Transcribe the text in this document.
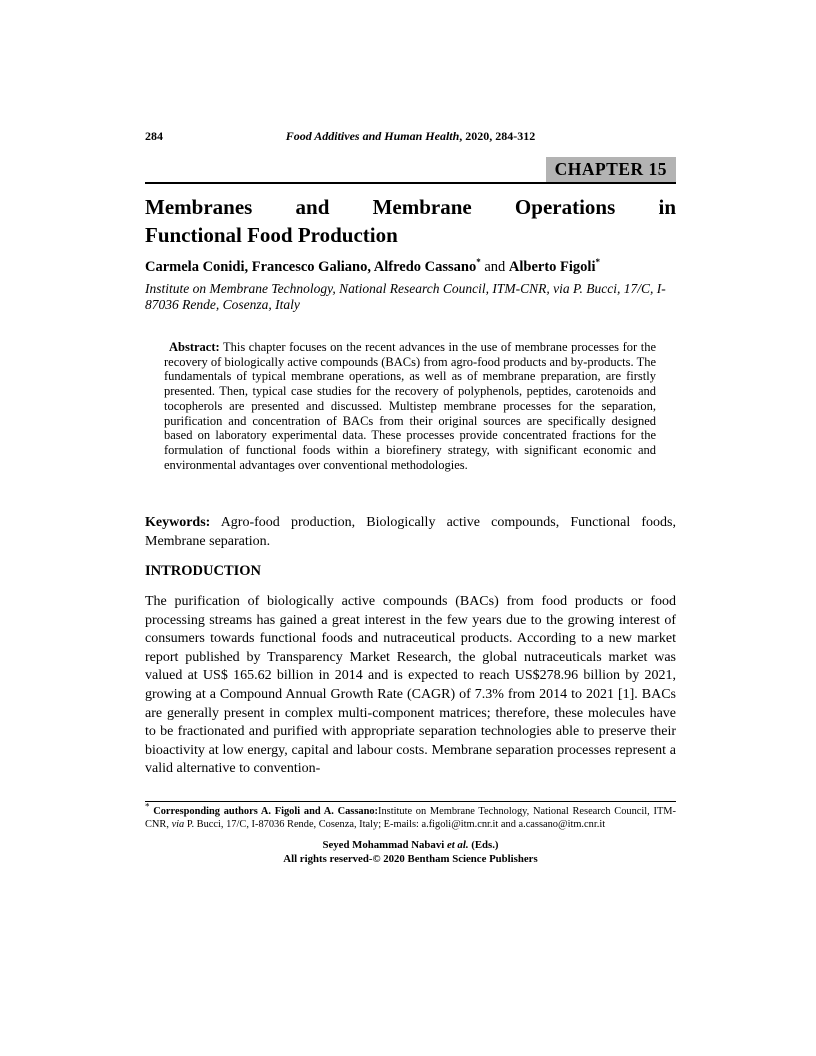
284	Food Additives and Human Health, 2020, 284-312
CHAPTER 15
Membranes and Membrane Operations in
Functional Food Production
Carmela Conidi, Francesco Galiano, Alfredo Cassano* and Alberto Figoli*
Institute on Membrane Technology, National Research Council, ITM-CNR, via P. Bucci, 17/C, I-87036 Rende, Cosenza, Italy
Abstract: This chapter focuses on the recent advances in the use of membrane processes for the recovery of biologically active compounds (BACs) from agro-food products and by-products. The fundamentals of typical membrane operations, as well as of membrane preparation, are firstly presented. Then, typical case studies for the recovery of polyphenols, peptides, carotenoids and tocopherols are presented and discussed. Multistep membrane processes for the separation, purification and concentration of BACs from their original sources are specifically designed based on laboratory experimental data. These processes provide concentrated fractions for the formulation of functional foods within a biorefinery strategy, with significant economic and environmental advantages over conventional methodologies.
Keywords: Agro-food production, Biologically active compounds, Functional foods, Membrane separation.
INTRODUCTION
The purification of biologically active compounds (BACs) from food products or food processing streams has gained a great interest in the few years due to the growing interest of consumers towards functional foods and nutraceutical products. According to a new market report published by Transparency Market Research, the global nutraceuticals market was valued at US$ 165.62 billion in 2014 and is expected to reach US$278.96 billion by 2021, growing at a Compound Annual Growth Rate (CAGR) of 7.3% from 2014 to 2021 [1]. BACs are generally present in complex multi-component matrices; therefore, these molecules have to be fractionated and purified with appropriate separation technologies able to preserve their bioactivity at low energy, capital and labour costs. Membrane separation processes represent a valid alternative to convention-
* Corresponding authors A. Figoli and A. Cassano:Institute on Membrane Technology, National Research Council, ITM-CNR, via P. Bucci, 17/C, I-87036 Rende, Cosenza, Italy; E-mails: a.figoli@itm.cnr.it and a.cassano@itm.cnr.it
Seyed Mohammad Nabavi et al. (Eds.)
All rights reserved-© 2020 Bentham Science Publishers
